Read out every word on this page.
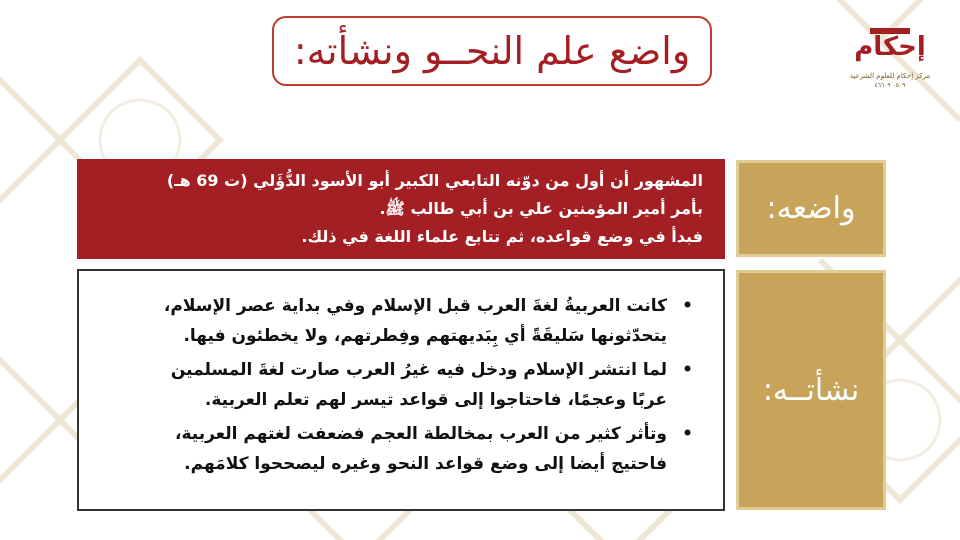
واضع علم النحــو ونشأته:	إحكام
مركز إحكام للعلوم الشرعية
٠٥٠٩ ٤٦٦٠٩
واضعه:
المشهور أن أول من دوّنه التابعي الكبير أبو الأسود الدُّؤَلي (ت 69 هـ)
بأمر أمير المؤمنين علي بن أبي طالب ﷺ.
فبدأ في وضع قواعده، ثم تتابع علماء اللغة في ذلك.
نشأتــه:
•
كانت العربيةُ لغةَ العرب قبل الإسلام وفي بداية عصر الإسلام،
يتحدّثونها سَليقَةً أي بِبَديهتهم وفِطرتهم، ولا يخطئون فيها.
•
لما انتشر الإسلام ودخل فيه غيرُ العرب صارت لغةَ المسلمين
عربًا وعجمًا، فاحتاجوا إلى قواعد تيسر لهم تعلم العربية.
•
وتأثر كثير من العرب بمخالطة العجم فضعفت لغتهم العربية،
فاحتيج أيضا إلى وضع قواعد النحو وغيره ليصححوا كلامَهم.
